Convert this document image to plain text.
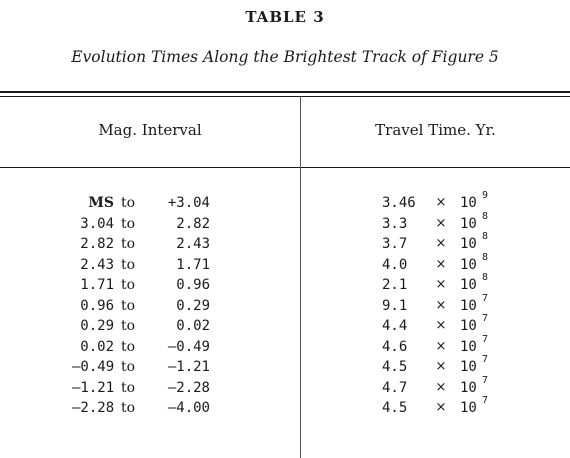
TABLE 3
Evolution Times Along the Brightest Track of Figure 5
Mag. Interval	Travel Time. Yr.
MS to	+3.04	3.46	× 10 9
3.04 to	2.82	3.3	× 10 8
2.82 to	2.43	3.7	× 10 8
2.43 to	1.71	4.0	× 10 8
1.71 to	0.96	2.1	× 10 8
0.96 to	0.29	9.1	× 10 7
0.29 to	0.02	4.4	× 10 7
0.02 to	—0.49	4.6	× 10 7
—0.49 to	—1.21	4.5	× 10 7
—1.21 to	—2.28	4.7	× 10 7
—2.28 to	—4.00	4.5	× 10 7
